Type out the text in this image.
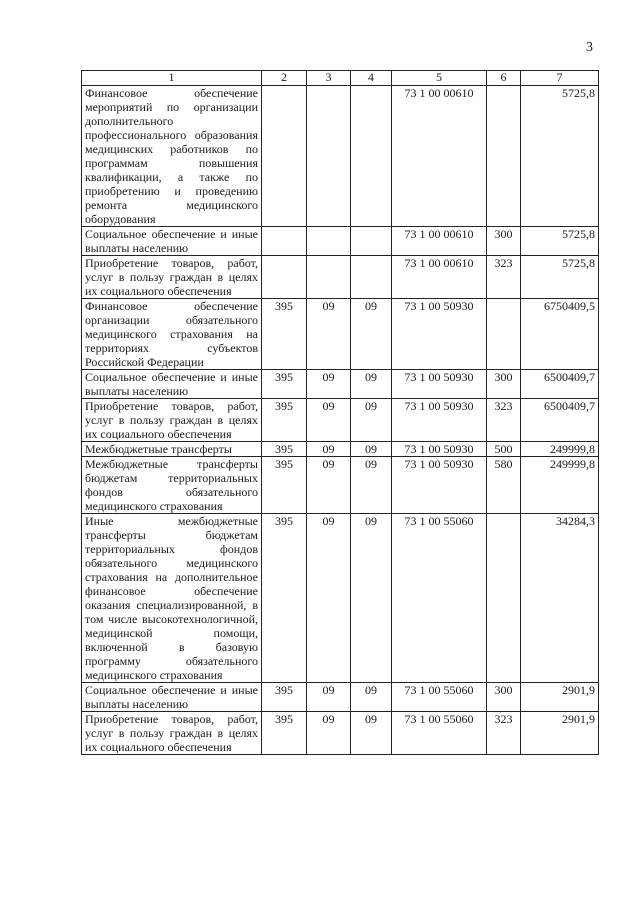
3
1	2	3	4	5	6	7
Финансовое обеспечение мероприятий по организации дополнительного профессионального образования медицинских работников по программам повышения квалификации, а также по приобретению и проведению ремонта медицинского оборудования				73 1 00 00610		5725,8
Социальное обеспечение и иные выплаты населению				73 1 00 00610	300	5725,8
Приобретение товаров, работ, услуг в пользу граждан в целях их социального обеспечения				73 1 00 00610	323	5725,8
Финансовое обеспечение организации обязательного медицинского страхования на территориях субъектов Российской Федерации	395	09	09	73 1 00 50930		6750409,5
Социальное обеспечение и иные выплаты населению	395	09	09	73 1 00 50930	300	6500409,7
Приобретение товаров, работ, услуг в пользу граждан в целях их социального обеспечения	395	09	09	73 1 00 50930	323	6500409,7
Межбюджетные трансферты	395	09	09	73 1 00 50930	500	249999,8
Межбюджетные трансферты бюджетам территориальных фондов обязательного медицинского страхования	395	09	09	73 1 00 50930	580	249999,8
Иные межбюджетные трансферты бюджетам территориальных фондов обязательного медицинского страхования на дополнительное финансовое обеспечение оказания специализированной, в том числе высокотехнологичной, медицинской помощи, включенной в базовую программу обязательного медицинского страхования	395	09	09	73 1 00 55060		34284,3
Социальное обеспечение и иные выплаты населению	395	09	09	73 1 00 55060	300	2901,9
Приобретение товаров, работ, услуг в пользу граждан в целях их социального обеспечения	395	09	09	73 1 00 55060	323	2901,9
